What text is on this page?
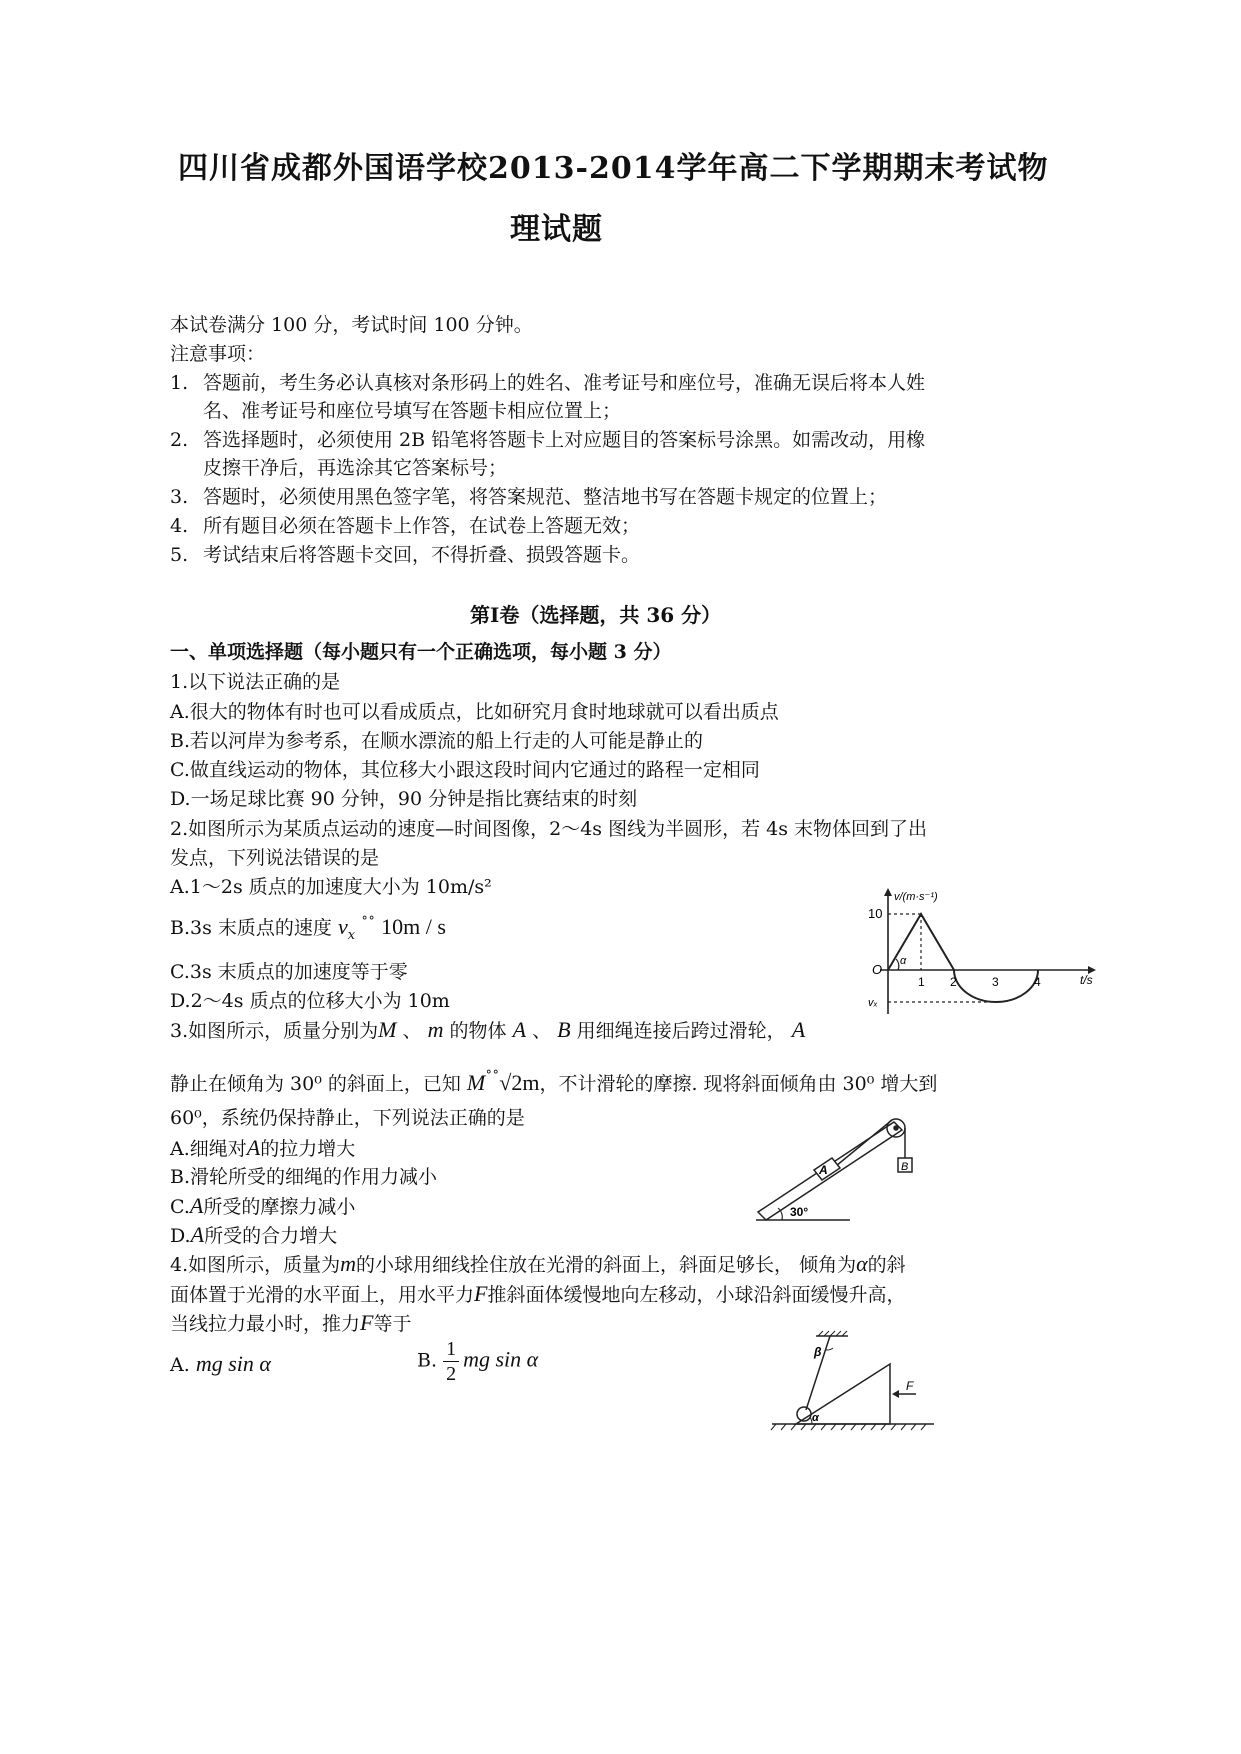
四川省成都外国语学校2013-2014学年高二下学期期末考试物
理试题
本试卷满分 100 分，考试时间 100 分钟。
注意事项：
1. 答题前，考生务必认真核对条形码上的姓名、准考证号和座位号，准确无误后将本人姓
名、准考证号和座位号填写在答题卡相应位置上；
2. 答选择题时，必须使用 2B 铅笔将答题卡上对应题目的答案标号涂黑。如需改动，用橡
皮擦干净后，再选涂其它答案标号；
3. 答题时，必须使用黑色签字笔，将答案规范、整洁地书写在答题卡规定的位置上；
4. 所有题目必须在答题卡上作答，在试卷上答题无效；
5. 考试结束后将答题卡交回，不得折叠、损毁答题卡。
第Ⅰ卷（选择题，共 36 分）
一、单项选择题（每小题只有一个正确选项，每小题 3 分）
1.以下说法正确的是
A.很大的物体有时也可以看成质点，比如研究月食时地球就可以看出质点
B.若以河岸为参考系，在顺水漂流的船上行走的人可能是静止的
C.做直线运动的物体，其位移大小跟这段时间内它通过的路程一定相同
D.一场足球比赛 90 分钟，90 分钟是指比赛结束的时刻
2.如图所示为某质点运动的速度—时间图像，2～4s 图线为半圆形，若 4s 末物体回到了出
发点，下列说法错误的是
A.1～2s 质点的加速度大小为 10m/s²
B.3s 末质点的速度 $v_x$ ˚˚ 10m / s
C.3s 末质点的加速度等于零
D.2～4s 质点的位移大小为 10m
v/(m·s⁻¹)
10
O
α
1 2	3	4	t/s
vₓ
3.如图所示，质量分别为M 、 m 的物体 A 、 B 用细绳连接后跨过滑轮， A
静止在倾角为 30⁰ 的斜面上，已知 M˚˚√2m，不计滑轮的摩擦. 现将斜面倾角由 30⁰ 增大到
60⁰，系统仍保持静止，下列说法正确的是
A.细绳对A的拉力增大
B.滑轮所受的细绳的作用力减小
C.A所受的摩擦力减小
D.A所受的合力增大
A	B
30°
4.如图所示，质量为m的小球用细线拴住放在光滑的斜面上，斜面足够长， 倾角为α的斜
面体置于光滑的水平面上，用水平力F推斜面体缓慢地向左移动，小球沿斜面缓慢升高，
当线拉力最小时，推力F等于
A. mg sin α	B. $\frac{1}{2}$ mg sin α	β
α
F
